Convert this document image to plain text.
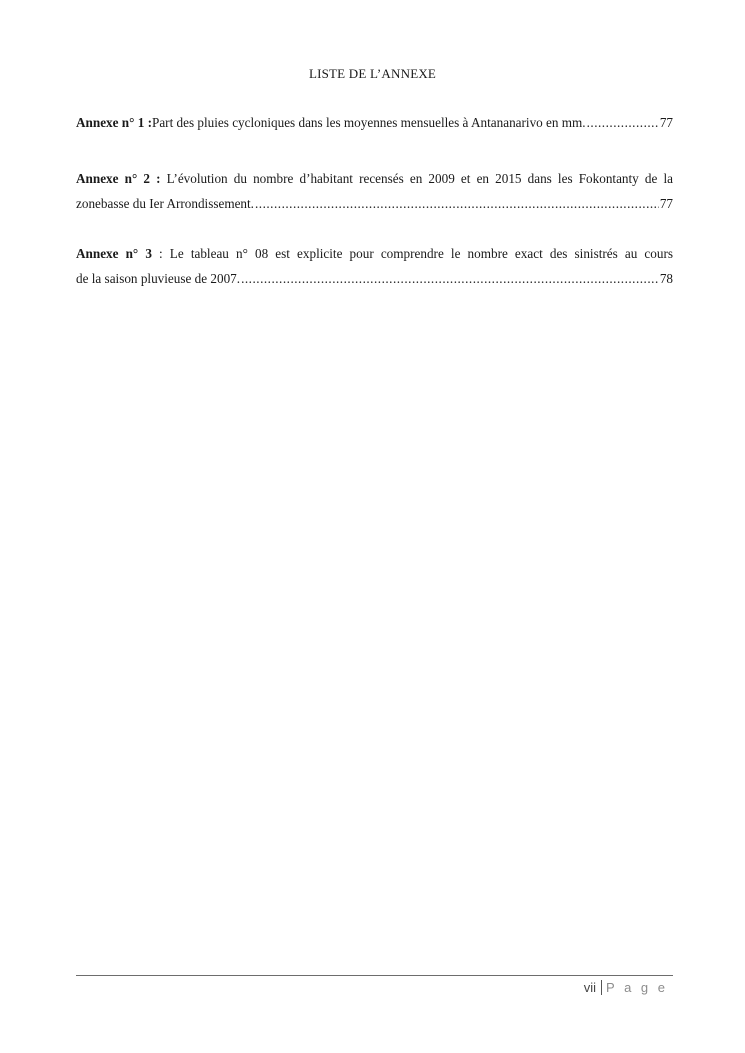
LISTE DE L’ANNEXE
Annexe n° 1 : Part des pluies cycloniques dans les moyennes mensuelles à Antananarivo en mm. .....	77
Annexe n° 2 : L’évolution du nombre d’habitant recensés en 2009 et en 2015 dans les Fokontanty de la
zonebasse du Ier Arrondissement. .....	77
Annexe n° 3 : Le tableau n° 08 est explicite pour comprendre le nombre exact des sinistrés au cours
de la saison pluvieuse de 2007. .....	78
vii P a g e
